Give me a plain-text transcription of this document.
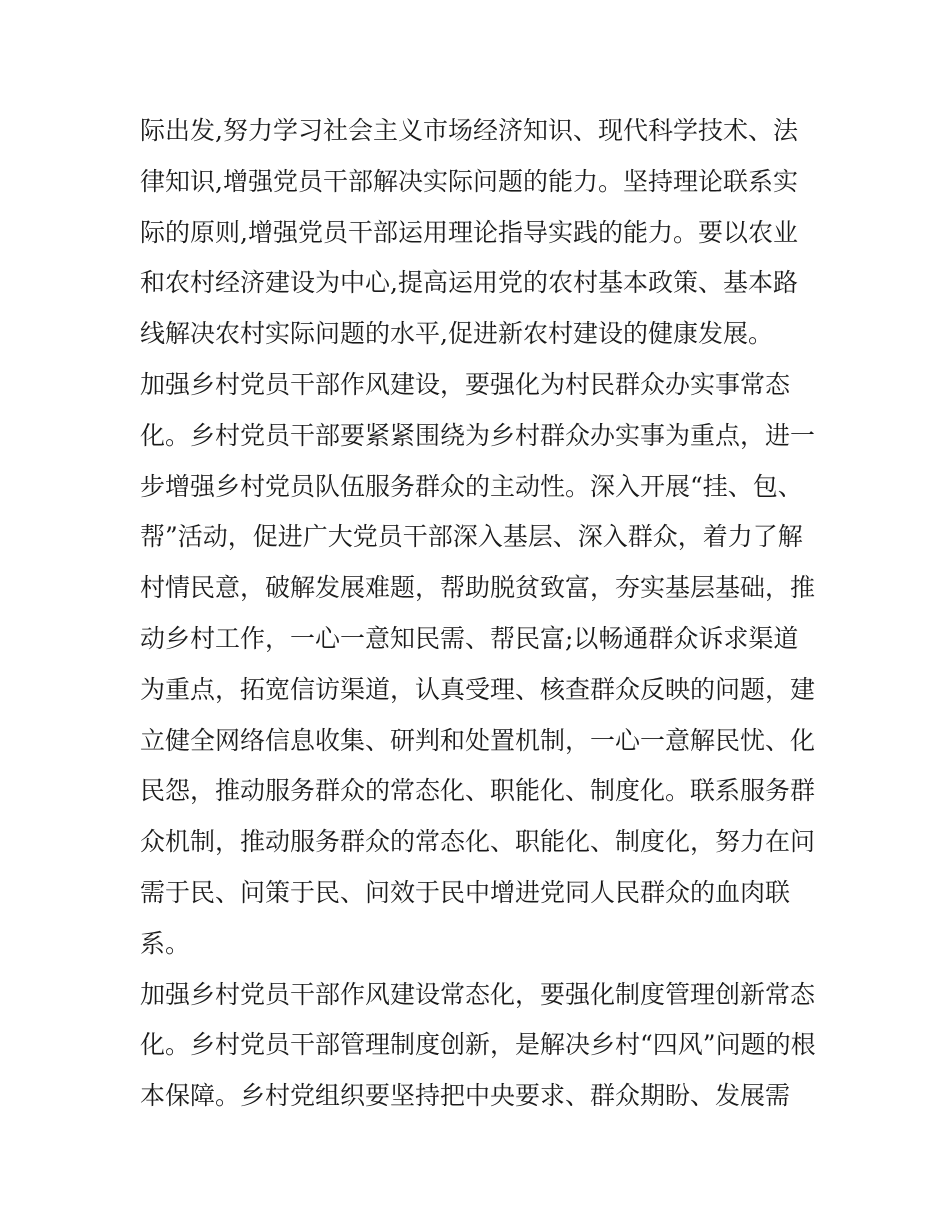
际出发,努力学习社会主义市场经济知识、现代科学技术、法
律知识,增强党员干部解决实际问题的能力。坚持理论联系实
际的原则,增强党员干部运用理论指导实践的能力。要以农业
和农村经济建设为中心,提高运用党的农村基本政策、基本路
线解决农村实际问题的水平,促进新农村建设的健康发展。
加强乡村党员干部作风建设，要强化为村民群众办实事常态
化。乡村党员干部要紧紧围绕为乡村群众办实事为重点，进一
步增强乡村党员队伍服务群众的主动性。深入开展“挂、包、
帮”活动，促进广大党员干部深入基层、深入群众，着力了解
村情民意，破解发展难题，帮助脱贫致富，夯实基层基础，推
动乡村工作，一心一意知民需、帮民富;以畅通群众诉求渠道
为重点，拓宽信访渠道，认真受理、核查群众反映的问题，建
立健全网络信息收集、研判和处置机制，一心一意解民忧、化
民怨，推动服务群众的常态化、职能化、制度化。联系服务群
众机制，推动服务群众的常态化、职能化、制度化，努力在问
需于民、问策于民、问效于民中增进党同人民群众的血肉联
系。
加强乡村党员干部作风建设常态化，要强化制度管理创新常态
化。乡村党员干部管理制度创新，是解决乡村“四风”问题的根
本保障。乡村党组织要坚持把中央要求、群众期盼、发展需
